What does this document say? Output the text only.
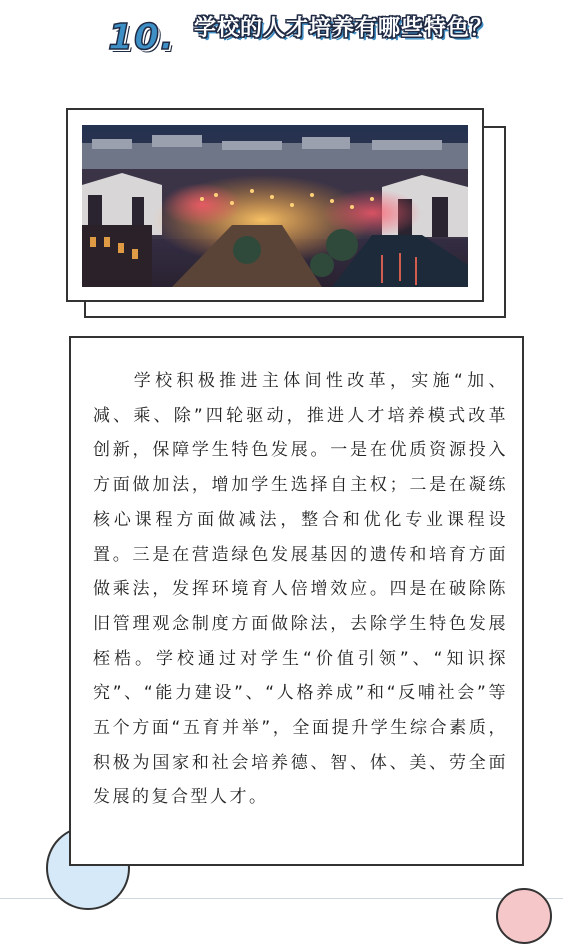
10. 学校的人才培养有哪些特色？

学校积极推进主体间性改革，实施“加、减、乘、除”四轮驱动，推进人才培养模式改革创新，保障学生特色发展。一是在优质资源投入方面做加法，增加学生选择自主权；二是在凝练核心课程方面做减法，整合和优化专业课程设置。三是在营造绿色发展基因的遗传和培育方面做乘法，发挥环境育人倍增效应。四是在破除陈旧管理观念制度方面做除法，去除学生特色发展桎梏。学校通过对学生“价值引领”、“知识探究”、“能力建设”、“人格养成”和“反哺社会”等五个方面“五育并举”，全面提升学生综合素质，积极为国家和社会培养德、智、体、美、劳全面发展的复合型人才。
